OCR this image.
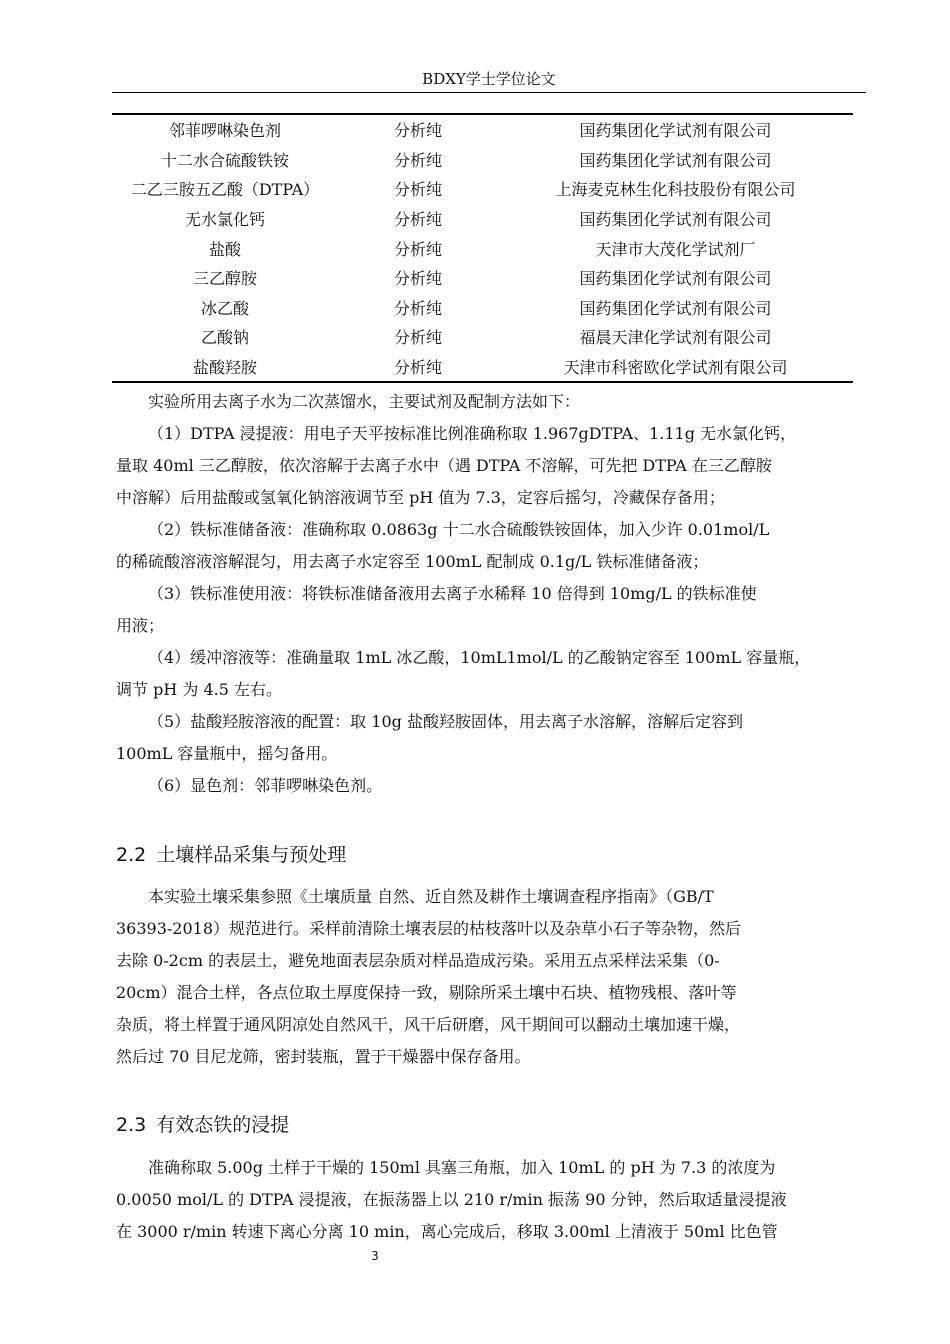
BDXY学士学位论文
邻菲啰啉染色剂	分析纯	国药集团化学试剂有限公司
十二水合硫酸铁铵	分析纯	国药集团化学试剂有限公司
二乙三胺五乙酸（DTPA）	分析纯	上海麦克林生化科技股份有限公司
无水氯化钙	分析纯	国药集团化学试剂有限公司
盐酸	分析纯	天津市大茂化学试剂厂
三乙醇胺	分析纯	国药集团化学试剂有限公司
冰乙酸	分析纯	国药集团化学试剂有限公司
乙酸钠	分析纯	福晨天津化学试剂有限公司
盐酸羟胺	分析纯	天津市科密欧化学试剂有限公司
实验所用去离子水为二次蒸馏水，主要试剂及配制方法如下：
（1）DTPA 浸提液：用电子天平按标准比例准确称取 1.967gDTPA、1.11g 无水氯化钙，
量取 40ml 三乙醇胺，依次溶解于去离子水中（遇 DTPA 不溶解，可先把 DTPA 在三乙醇胺
中溶解）后用盐酸或氢氧化钠溶液调节至 pH 值为 7.3，定容后摇匀，冷藏保存备用；
（2）铁标准储备液：准确称取 0.0863g 十二水合硫酸铁铵固体，加入少许 0.01mol/L
的稀硫酸溶液溶解混匀，用去离子水定容至 100mL 配制成 0.1g/L 铁标准储备液；
（3）铁标准使用液：将铁标准储备液用去离子水稀释 10 倍得到 10mg/L 的铁标准使
用液；
（4）缓冲溶液等：准确量取 1mL 冰乙酸，10mL1mol/L 的乙酸钠定容至 100mL 容量瓶，
调节 pH 为 4.5 左右。
（5）盐酸羟胺溶液的配置：取 10g 盐酸羟胺固体，用去离子水溶解，溶解后定容到
100mL 容量瓶中，摇匀备用。
（6）显色剂：邻菲啰啉染色剂。
2.2 土壤样品采集与预处理
本实验土壤采集参照《土壤质量 自然、近自然及耕作土壤调查程序指南》（GB/T
36393-2018）规范进行。采样前清除土壤表层的枯枝落叶以及杂草小石子等杂物，然后
去除 0-2cm 的表层土，避免地面表层杂质对样品造成污染。采用五点采样法采集（0-
20cm）混合土样，各点位取土厚度保持一致，剔除所采土壤中石块、植物残根、落叶等
杂质，将土样置于通风阴凉处自然风干，风干后研磨，风干期间可以翻动土壤加速干燥，
然后过 70 目尼龙筛，密封装瓶，置于干燥器中保存备用。
2.3 有效态铁的浸提
准确称取 5.00g 土样于干燥的 150ml 具塞三角瓶，加入 10mL 的 pH 为 7.3 的浓度为
0.0050 mol/L 的 DTPA 浸提液，在振荡器上以 210 r/min 振荡 90 分钟，然后取适量浸提液
在 3000 r/min 转速下离心分离 10 min，离心完成后，移取 3.00ml 上清液于 50ml 比色管
3
